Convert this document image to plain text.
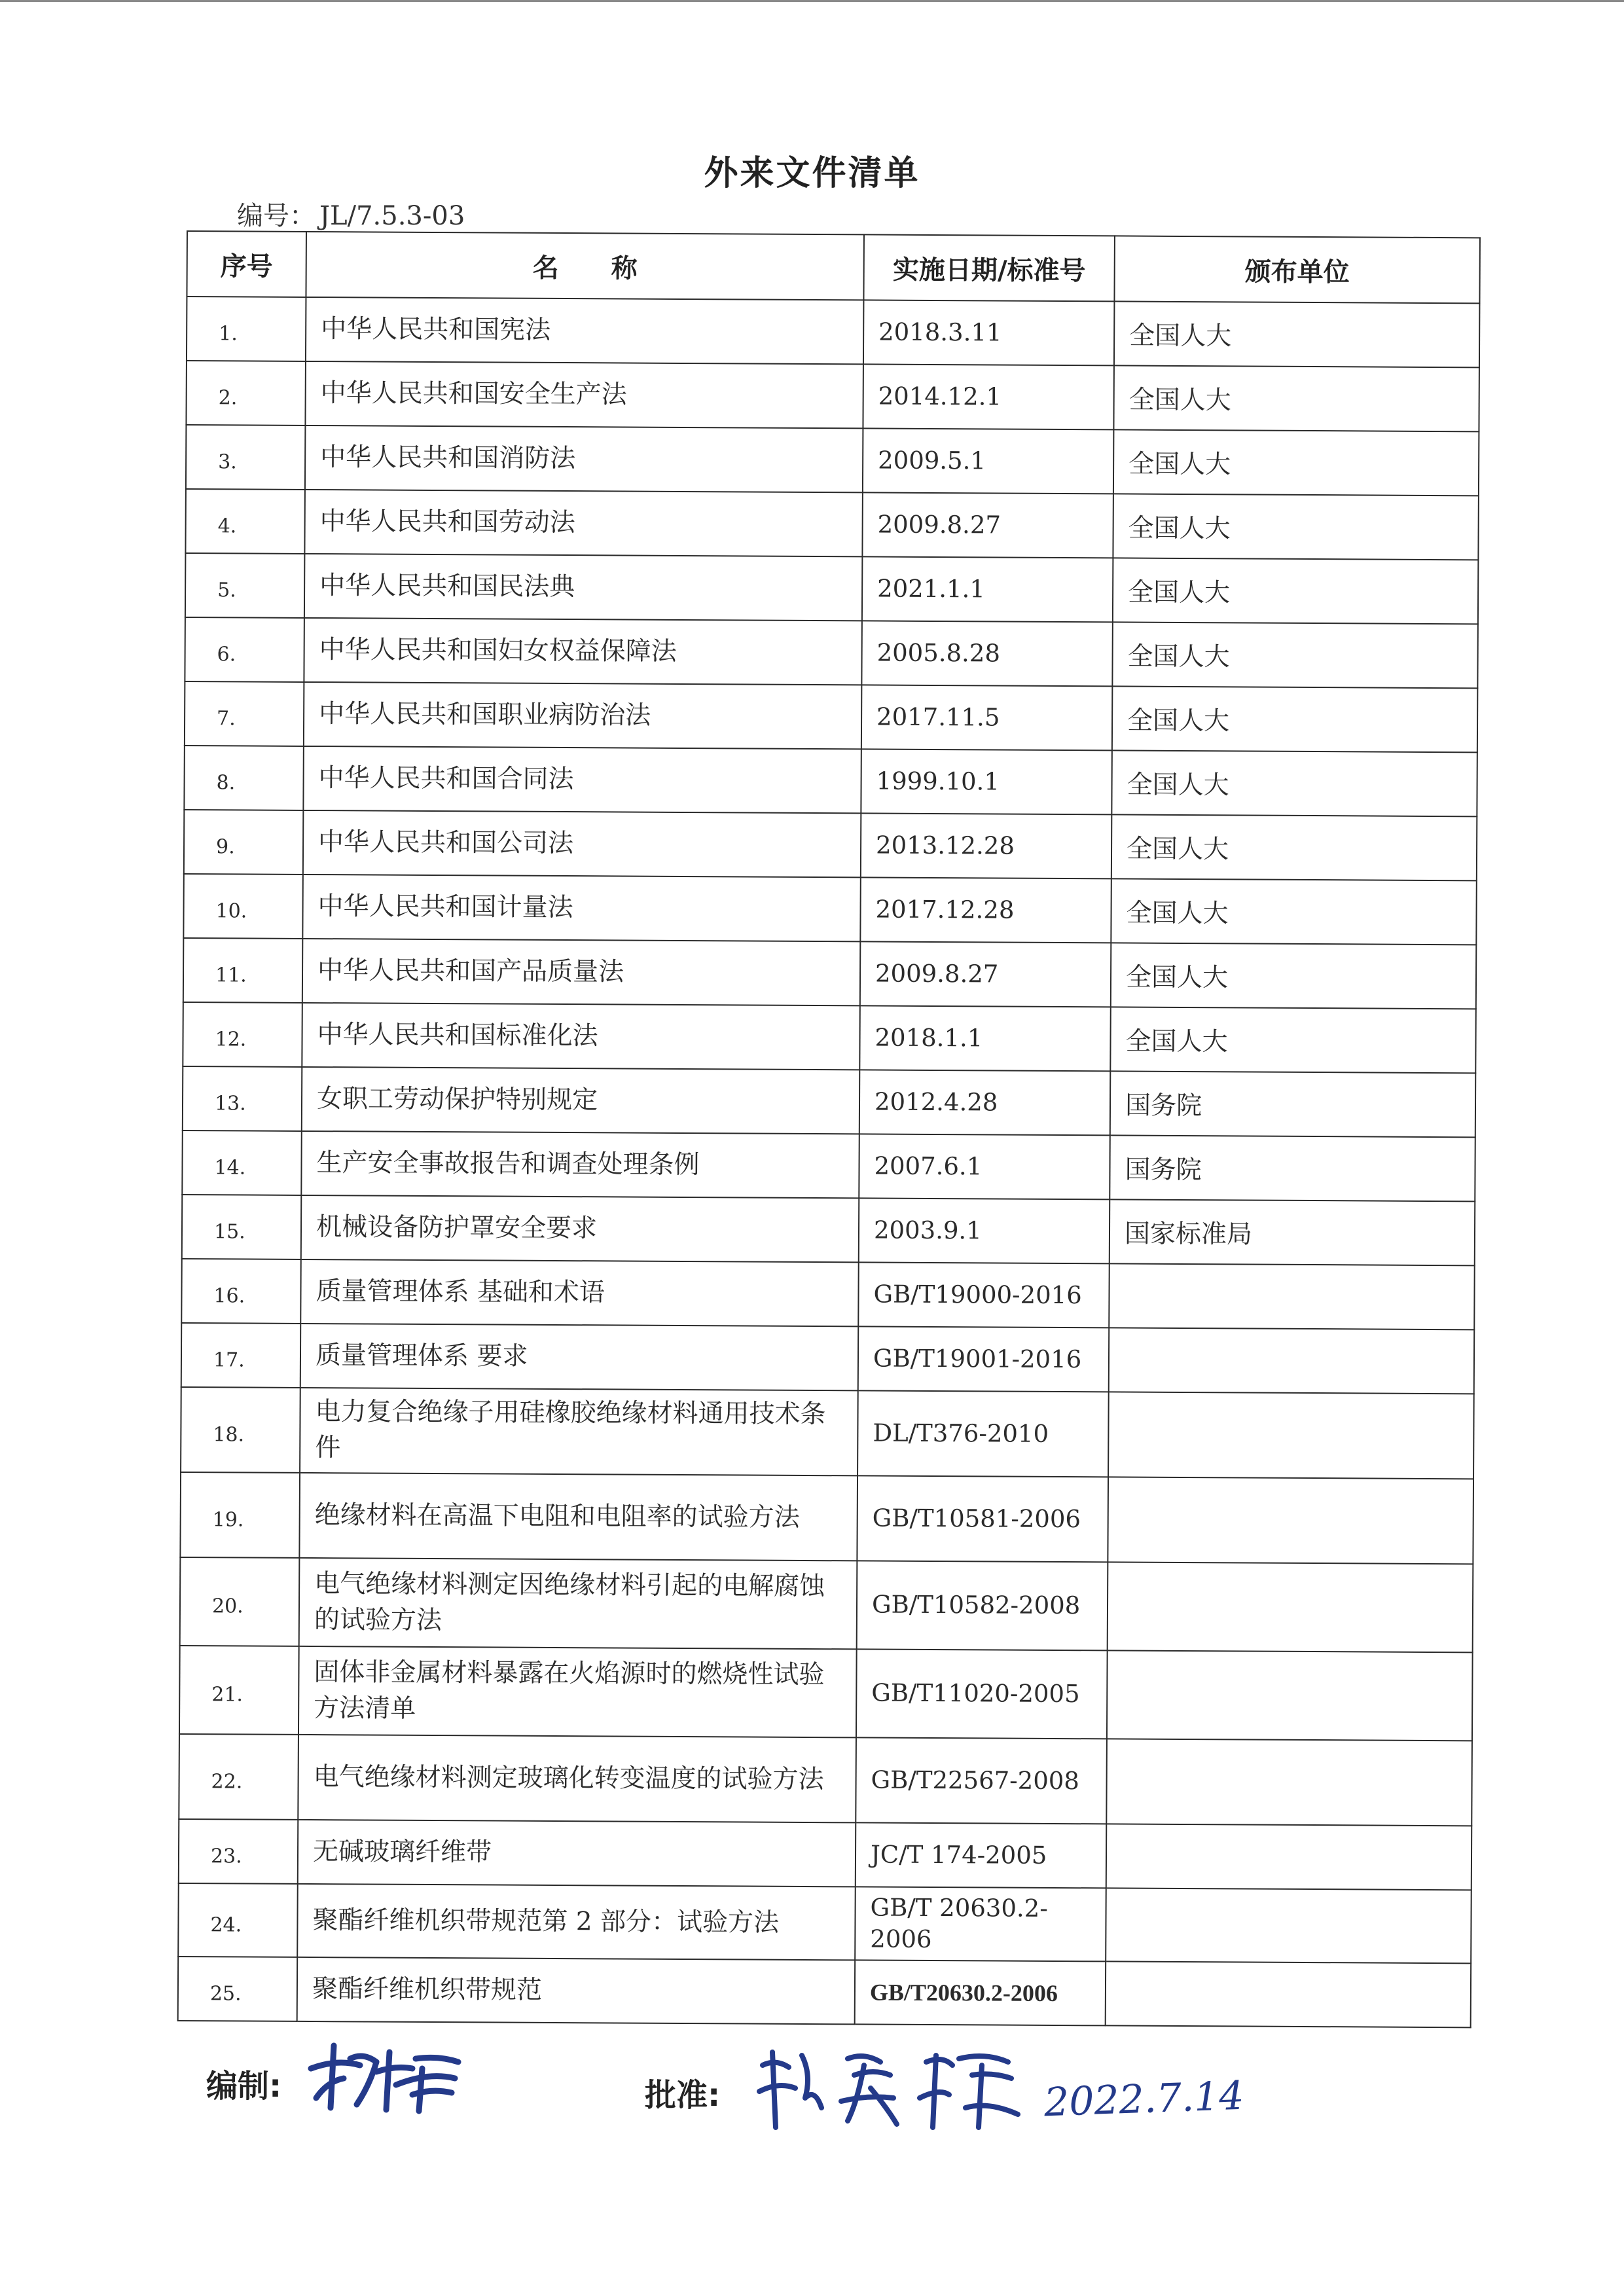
外来文件清单
编号： JL/7.5.3-03
序号	名　　称	实施日期/标准号	颁布单位
1.	中华人民共和国宪法	2018.3.11	全国人大
2.	中华人民共和国安全生产法	2014.12.1	全国人大
3.	中华人民共和国消防法	2009.5.1	全国人大
4.	中华人民共和国劳动法	2009.8.27	全国人大
5.	中华人民共和国民法典	2021.1.1	全国人大
6.	中华人民共和国妇女权益保障法	2005.8.28	全国人大
7.	中华人民共和国职业病防治法	2017.11.5	全国人大
8.	中华人民共和国合同法	1999.10.1	全国人大
9.	中华人民共和国公司法	2013.12.28	全国人大
10.	中华人民共和国计量法	2017.12.28	全国人大
11.	中华人民共和国产品质量法	2009.8.27	全国人大
12.	中华人民共和国标准化法	2018.1.1	全国人大
13.	女职工劳动保护特别规定	2012.4.28	国务院
14.	生产安全事故报告和调查处理条例	2007.6.1	国务院
15.	机械设备防护罩安全要求	2003.9.1	国家标准局
16.	质量管理体系 基础和术语	GB/T19000-2016	
17.	质量管理体系 要求	GB/T19001-2016	
18.	电力复合绝缘子用硅橡胶绝缘材料通用技术条件	DL/T376-2010	
19.	绝缘材料在高温下电阻和电阻率的试验方法	GB/T10581-2006	
20.	电气绝缘材料测定因绝缘材料引起的电解腐蚀的试验方法	GB/T10582-2008	
21.	固体非金属材料暴露在火焰源时的燃烧性试验方法清单	GB/T11020-2005	
22.	电气绝缘材料测定玻璃化转变温度的试验方法	GB/T22567-2008	
23.	无碱玻璃纤维带	JC/T 174-2005	
24.	聚酯纤维机织带规范第 2 部分：试验方法	GB/T 20630.2-2006	
25.	聚酯纤维机织带规范	GB/T20630.2-2006	
编制:	批准:	2022.7.14
